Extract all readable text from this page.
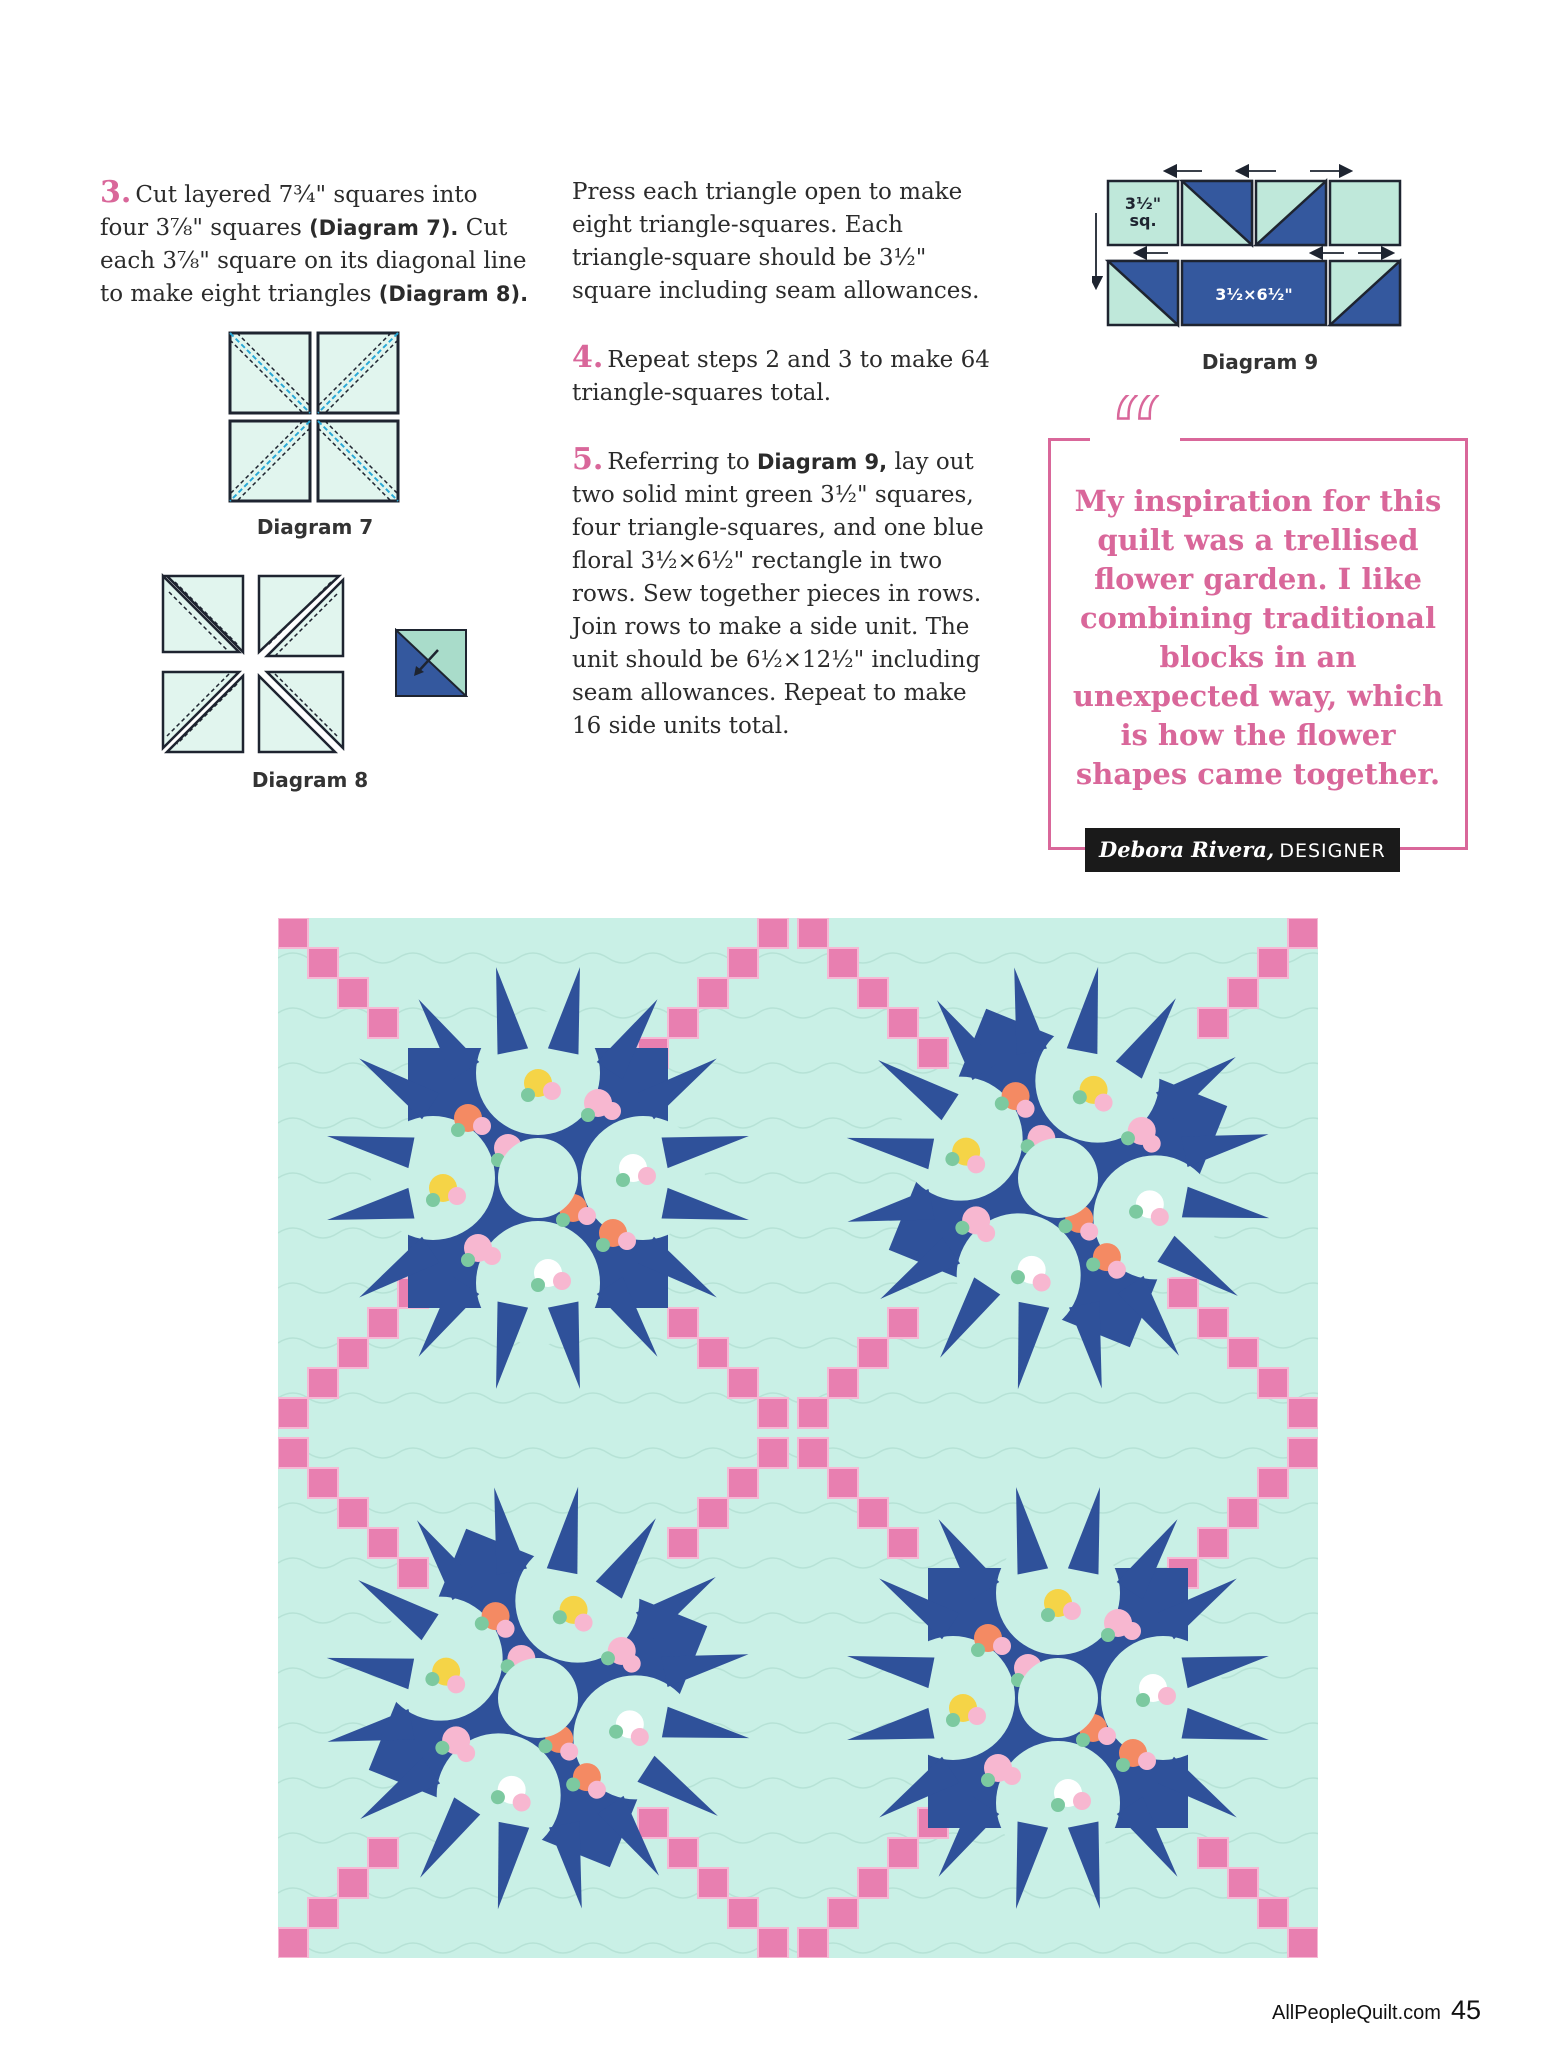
3. Cut layered 7³⁄₄" squares into four 3⁷⁄₈" squares (Diagram 7). Cut each 3⁷⁄₈" square on its diagonal line to make eight triangles (Diagram 8).

Diagram 7
Diagram 8

Press each triangle open to make eight triangle-squares. Each triangle-square should be 3¹⁄₂" square including seam allowances.

4. Repeat steps 2 and 3 to make 64 triangle-squares total.

5. Referring to Diagram 9, lay out two solid mint green 3¹⁄₂" squares, four triangle-squares, and one blue floral 3¹⁄₂×6¹⁄₂" rectangle in two rows. Sew together pieces in rows. Join rows to make a side unit. The unit should be 6¹⁄₂×12¹⁄₂" including seam allowances. Repeat to make 16 side units total.

3¹⁄₂"
sq.
3¹⁄₂×6¹⁄₂"
Diagram 9
“
My inspiration for this quilt was a trellised flower garden. I like combining traditional blocks in an unexpected way, which is how the flower shapes came together.
Debora Rivera, DESIGNER
AllPeopleQuilt.com 45
